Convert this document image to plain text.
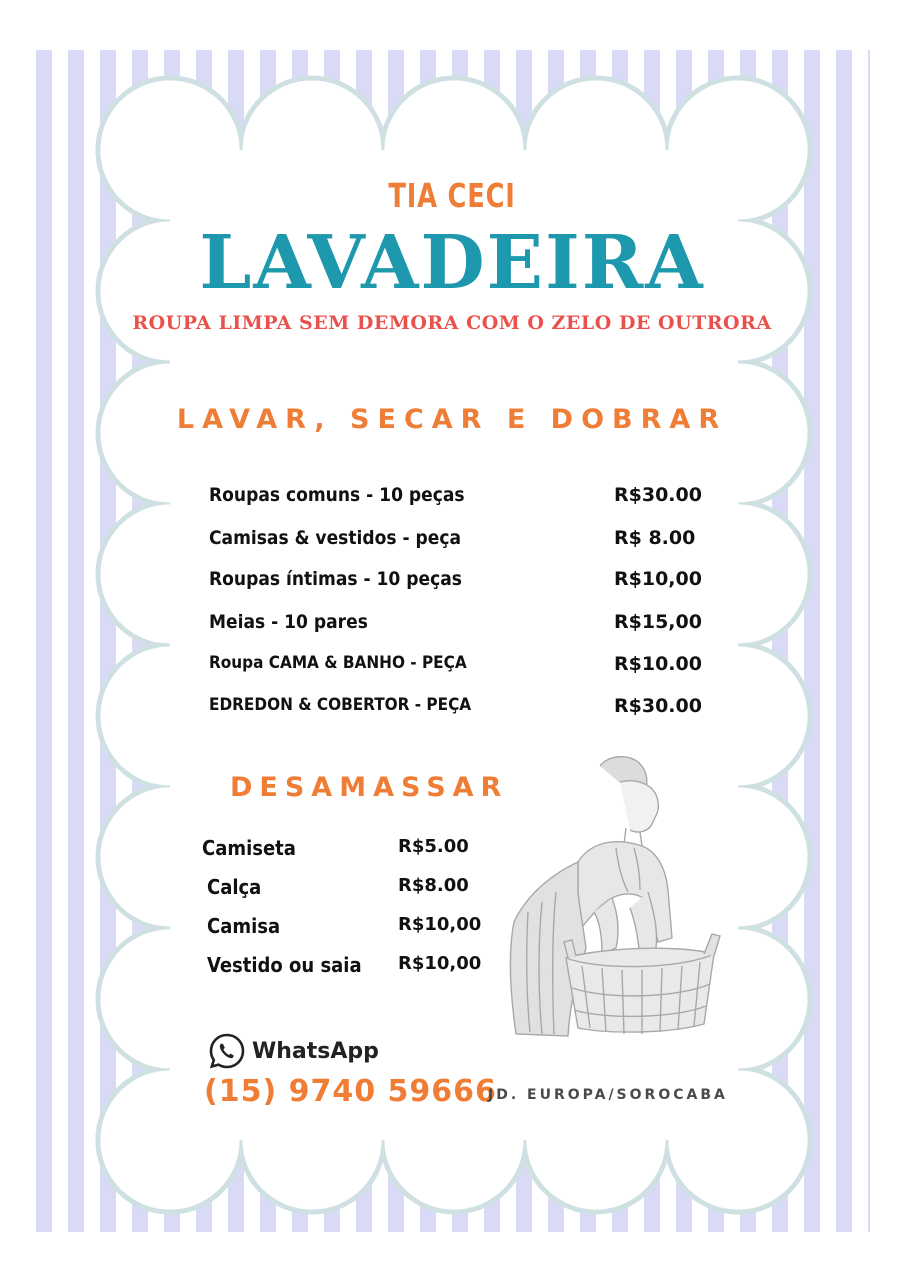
TIA CECI
LAVADEIRA
ROUPA LIMPA SEM DEMORA COM O ZELO DE OUTRORA
LAVAR, SECAR E DOBRAR
Roupas comuns - 10 peças	R$30.00
Camisas & vestidos - peça	R$ 8.00
Roupas íntimas - 10 peças	R$10,00
Meias - 10 pares	R$15,00
Roupa CAMA & BANHO - PEÇA	R$10.00
EDREDON & COBERTOR - PEÇA	R$30.00
DESAMASSAR
Camiseta	R$5.00
Calça	R$8.00
Camisa	R$10,00
Vestido ou saia R$10,00
WhatsApp
(15) 9740 59666
JD. EUROPA/SOROCABA
